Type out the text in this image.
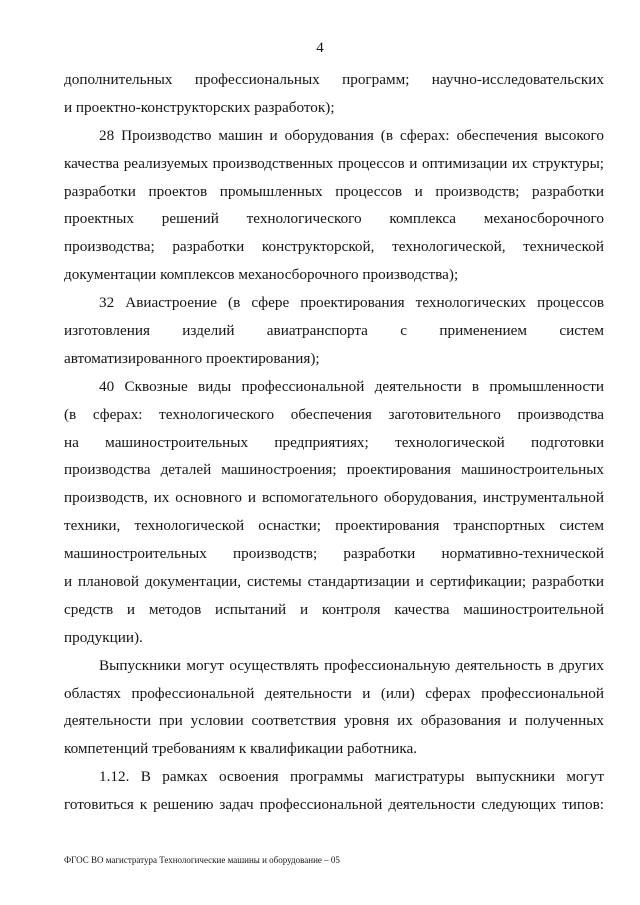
4
дополнительных профессиональных программ; научно-исследовательских
и проектно-конструкторских разработок);
28 Производство машин и оборудования (в сферах: обеспечения высокого
качества реализуемых производственных процессов и оптимизации их структуры;
разработки проектов промышленных процессов и производств; разработки
проектных решений технологического комплекса механосборочного
производства; разработки конструкторской, технологической, технической
документации комплексов механосборочного производства);
32 Авиастроение (в сфере проектирования технологических процессов
изготовления изделий авиатранспорта с применением систем
автоматизированного проектирования);
40 Сквозные виды профессиональной деятельности в промышленности
(в сферах: технологического обеспечения заготовительного производства
на машиностроительных предприятиях; технологической подготовки
производства деталей машиностроения; проектирования машиностроительных
производств, их основного и вспомогательного оборудования, инструментальной
техники, технологической оснастки; проектирования транспортных систем
машиностроительных производств; разработки нормативно-технической
и плановой документации, системы стандартизации и сертификации; разработки
средств и методов испытаний и контроля качества машиностроительной
продукции).
Выпускники могут осуществлять профессиональную деятельность в других
областях профессиональной деятельности и (или) сферах профессиональной
деятельности при условии соответствия уровня их образования и полученных
компетенций требованиям к квалификации работника.
1.12. В рамках освоения программы магистратуры выпускники могут
готовиться к решению задач профессиональной деятельности следующих типов:
ФГОС ВО магистратура Технологические машины и оборудование – 05
